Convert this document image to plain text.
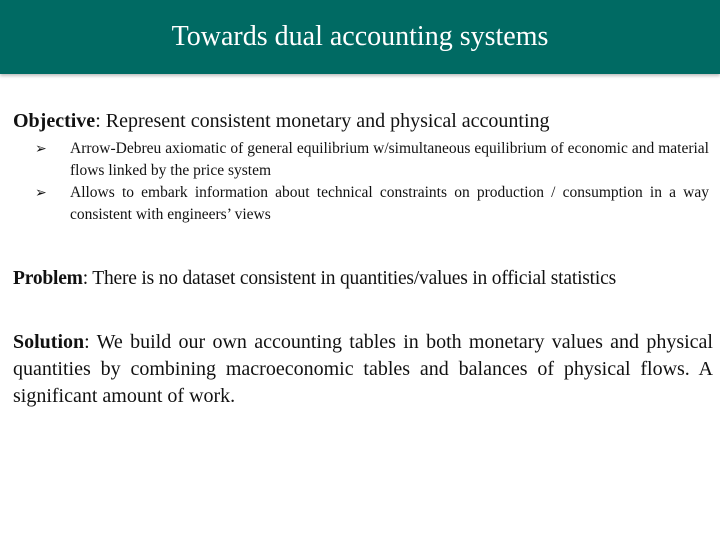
Towards dual accounting systems
Objective: Represent consistent monetary and physical accounting
➢	Arrow-Debreu axiomatic of general equilibrium w/simultaneous equilibrium of economic and material flows linked by the price system
➢	Allows to embark information about technical constraints on production / consumption in a way consistent with engineers’ views
Problem: There is no dataset consistent in quantities/values in official statistics
Solution: We build our own accounting tables in both monetary values and physical quantities by combining macroeconomic tables and balances of physical flows. A significant amount of work.
